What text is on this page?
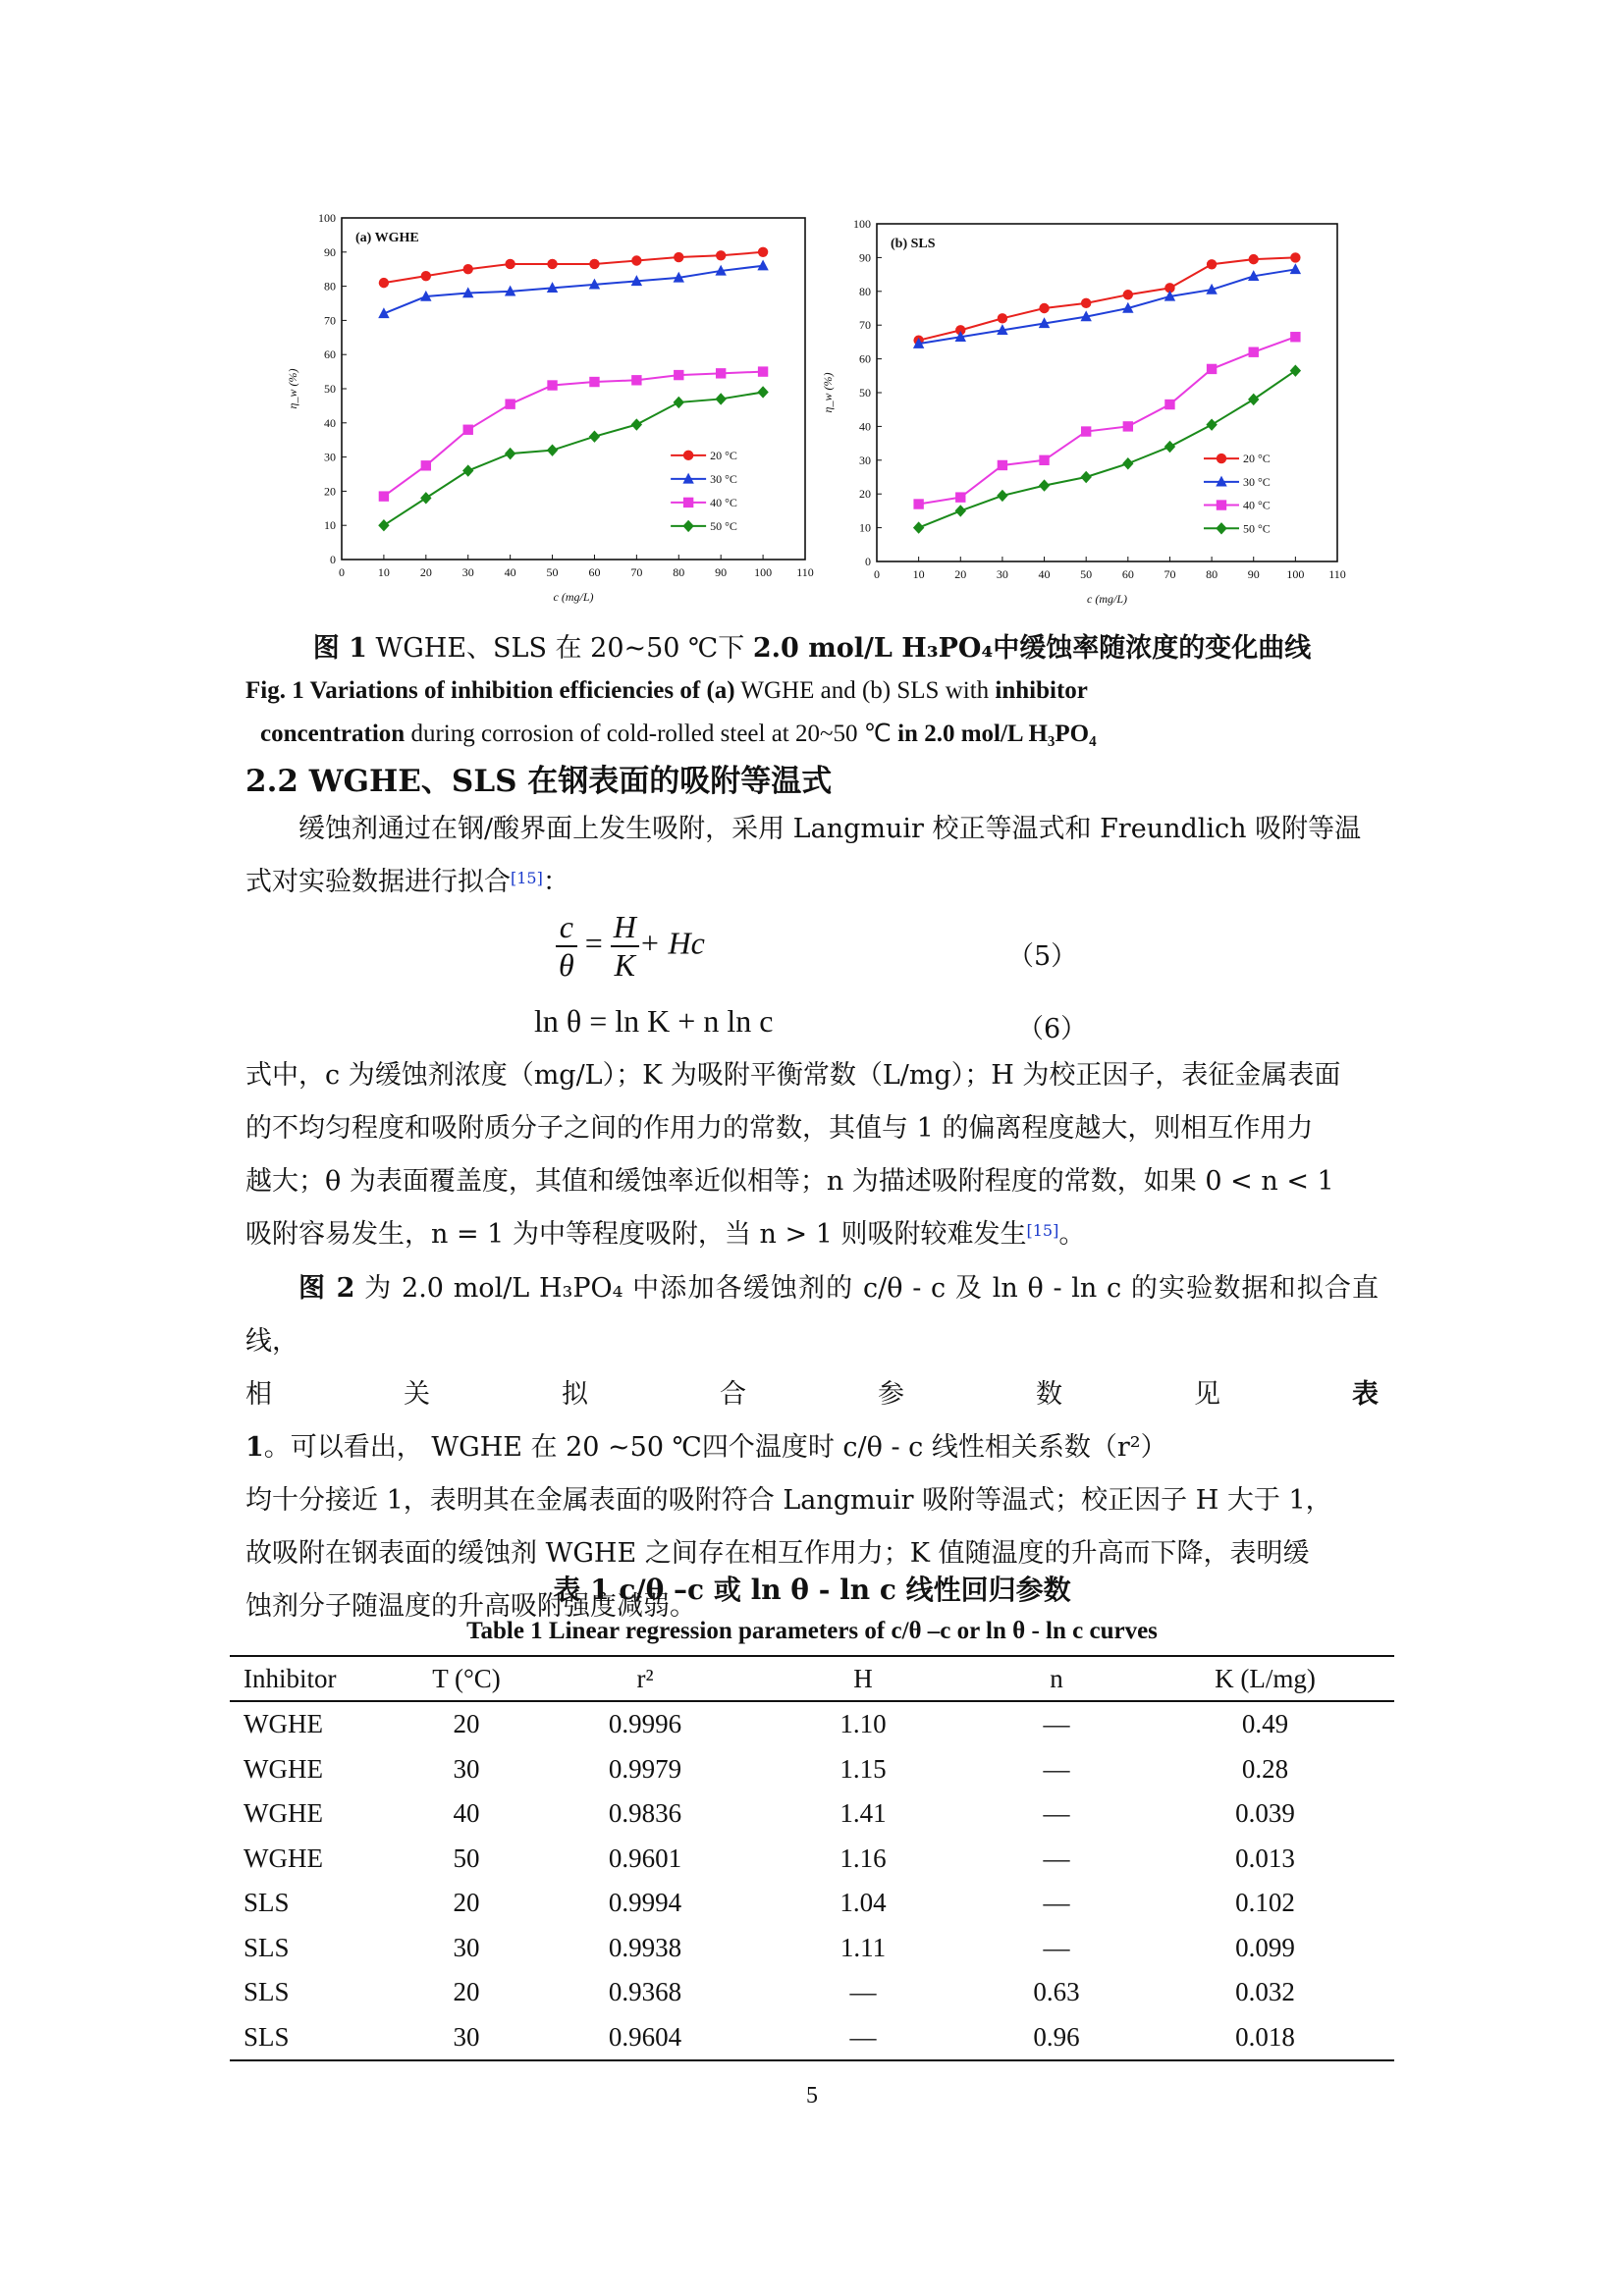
0	10	20	30	40	50	60	70	80	90 100 110
0
10
20
30
40
50
60
70
80
90
100
c (mg/L)
η_w (%)
(a) WGHE
20 °C
30 °C
40 °C
50 °C
0	10	20	30	40	50	60	70	80	90 100 110
0
10
20
30
40
50
60
70
80
90
100
c (mg/L)
η_w (%)
(b) SLS
20 °C
30 °C
40 °C
50 °C
图 1 WGHE、SLS 在 20~50 ℃下 2.0 mol/L H₃PO₄中缓蚀率随浓度的变化曲线
Fig. 1 Variations of inhibition efficiencies of (a) WGHE and (b) SLS with inhibitor
concentration during corrosion of cold-rolled steel at 20~50 ℃ in 2.0 mol/L H₃PO₄
2.2 WGHE、SLS 在钢表面的吸附等温式
缓蚀剂通过在钢/酸界面上发生吸附，采用 Langmuir 校正等温式和 Freundlich 吸附等温
式对实验数据进行拟合[15]：
$\frac{c}{\theta} = \frac{H}{K} + Hc$	（5）
ln θ = ln K + n ln c	（6）
式中，c 为缓蚀剂浓度（mg/L）；K 为吸附平衡常数（L/mg）；H 为校正因子，表征金属表面
的不均匀程度和吸附质分子之间的作用力的常数，其值与 1 的偏离程度越大，则相互作用力
越大；θ 为表面覆盖度，其值和缓蚀率近似相等；n 为描述吸附程度的常数，如果 0 < n < 1
吸附容易发生，n = 1 为中等程度吸附，当 n > 1 则吸附较难发生[15]。
图 2 为 2.0 mol/L H₃PO₄ 中添加各缓蚀剂的 c/θ - c 及 ln θ - ln c 的实验数据和拟合直线，
相关拟合参数见表 1。可以看出， WGHE 在 20 ~50 ℃四个温度时 c/θ - c 线性相关系数（r²）
均十分接近 1，表明其在金属表面的吸附符合 Langmuir 吸附等温式；校正因子 H 大于 1，
故吸附在钢表面的缓蚀剂 WGHE 之间存在相互作用力；K 值随温度的升高而下降，表明缓
蚀剂分子随温度的升高吸附强度减弱。
表 1 c/θ –c 或 ln θ - ln c 线性回归参数
Table 1 Linear regression parameters of c/θ –c or ln θ - ln c curves
Inhibitor	T (°C)	r²	H	n	K (L/mg)
WGHE	20	0.9996	1.10	—	0.49
WGHE	30	0.9979	1.15	—	0.28
WGHE	40	0.9836	1.41	—	0.039
WGHE	50	0.9601	1.16	—	0.013
SLS	20	0.9994	1.04	—	0.102
SLS	30	0.9938	1.11	—	0.099
SLS	20	0.9368	—	0.63	0.032
SLS	30	0.9604	—	0.96	0.018
5
